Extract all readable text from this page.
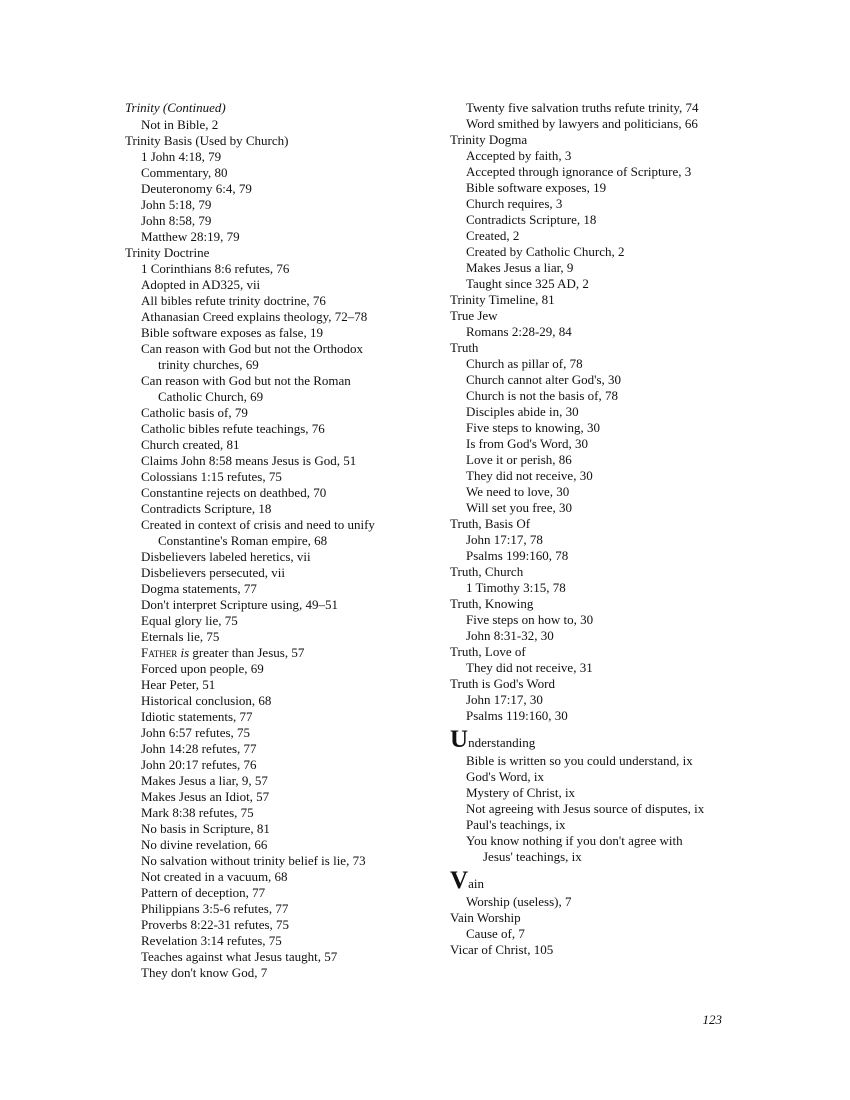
Trinity (Continued)
Not in Bible, 2
Trinity Basis (Used by Church)
1 John 4:18, 79
Commentary, 80
Deuteronomy 6:4, 79
John 5:18, 79
John 8:58, 79
Matthew 28:19, 79
Trinity Doctrine
1 Corinthians 8:6 refutes, 76
Adopted in AD325, vii
All bibles refute trinity doctrine, 76
Athanasian Creed explains theology, 72–78
Bible software exposes as false, 19
Can reason with God but not the Orthodox
trinity churches, 69
Can reason with God but not the Roman
Catholic Church, 69
Catholic basis of, 79
Catholic bibles refute teachings, 76
Church created, 81
Claims John 8:58 means Jesus is God, 51
Colossians 1:15 refutes, 75
Constantine rejects on deathbed, 70
Contradicts Scripture, 18
Created in context of crisis and need to unify
Constantine's Roman empire, 68
Disbelievers labeled heretics, vii
Disbelievers persecuted, vii
Dogma statements, 77
Don't interpret Scripture using, 49–51
Equal glory lie, 75
Eternals lie, 75
Father is greater than Jesus, 57
Forced upon people, 69
Hear Peter, 51
Historical conclusion, 68
Idiotic statements, 77
John 6:57 refutes, 75
John 14:28 refutes, 77
John 20:17 refutes, 76
Makes Jesus a liar, 9, 57
Makes Jesus an Idiot, 57
Mark 8:38 refutes, 75
No basis in Scripture, 81
No divine revelation, 66
No salvation without trinity belief is lie, 73
Not created in a vacuum, 68
Pattern of deception, 77
Philippians 3:5-6 refutes, 77
Proverbs 8:22-31 refutes, 75
Revelation 3:14 refutes, 75
Teaches against what Jesus taught, 57
They don't know God, 7
Twenty five salvation truths refute trinity, 74
Word smithed by lawyers and politicians, 66
Trinity Dogma
Accepted by faith, 3
Accepted through ignorance of Scripture, 3
Bible software exposes, 19
Church requires, 3
Contradicts Scripture, 18
Created, 2
Created by Catholic Church, 2
Makes Jesus a liar, 9
Taught since 325 AD, 2
Trinity Timeline, 81
True Jew
Romans 2:28-29, 84
Truth
Church as pillar of, 78
Church cannot alter God's, 30
Church is not the basis of, 78
Disciples abide in, 30
Five steps to knowing, 30
Is from God's Word, 30
Love it or perish, 86
They did not receive, 30
We need to love, 30
Will set you free, 30
Truth, Basis Of
John 17:17, 78
Psalms 199:160, 78
Truth, Church
1 Timothy 3:15, 78
Truth, Knowing
Five steps on how to, 30
John 8:31-32, 30
Truth, Love of
They did not receive, 31
Truth is God's Word
John 17:17, 30
Psalms 119:160, 30
Understanding
Bible is written so you could understand, ix
God's Word, ix
Mystery of Christ, ix
Not agreeing with Jesus source of disputes, ix
Paul's teachings, ix
You know nothing if you don't agree with
Jesus' teachings, ix
Vain
Worship (useless), 7
Vain Worship
Cause of, 7
Vicar of Christ, 105
123
